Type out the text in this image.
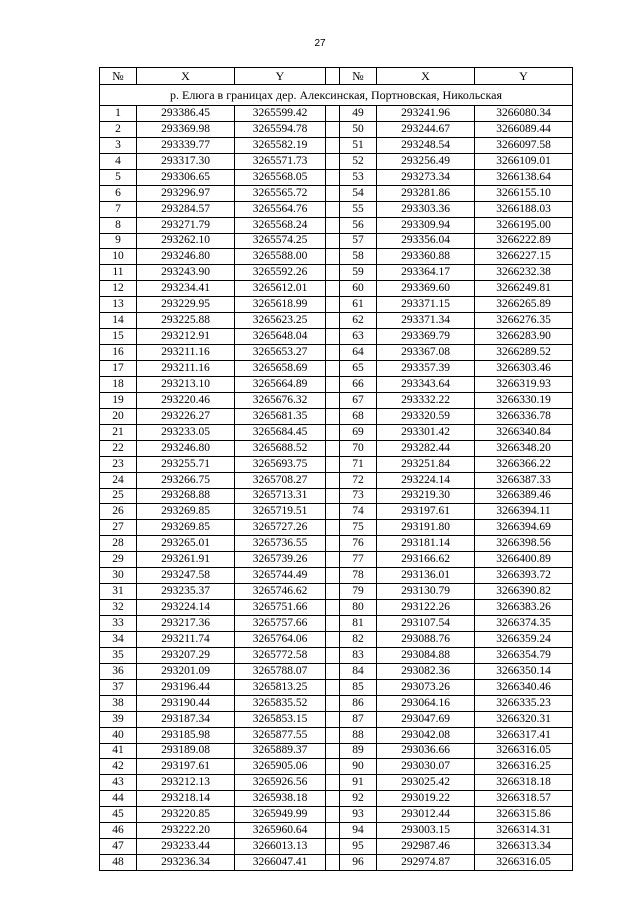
27
№	X	Y		№	X	Y
р. Елюга в границах дер. Алексинская, Портновская, Никольская						
1	293386.45	3265599.42		49	293241.96	3266080.34
2	293369.98	3265594.78		50	293244.67	3266089.44
3	293339.77	3265582.19		51	293248.54	3266097.58
4	293317.30	3265571.73		52	293256.49	3266109.01
5	293306.65	3265568.05		53	293273.34	3266138.64
6	293296.97	3265565.72		54	293281.86	3266155.10
7	293284.57	3265564.76		55	293303.36	3266188.03
8	293271.79	3265568.24		56	293309.94	3266195.00
9	293262.10	3265574.25		57	293356.04	3266222.89
10	293246.80	3265588.00		58	293360.88	3266227.15
11	293243.90	3265592.26		59	293364.17	3266232.38
12	293234.41	3265612.01		60	293369.60	3266249.81
13	293229.95	3265618.99		61	293371.15	3266265.89
14	293225.88	3265623.25		62	293371.34	3266276.35
15	293212.91	3265648.04		63	293369.79	3266283.90
16	293211.16	3265653.27		64	293367.08	3266289.52
17	293211.16	3265658.69		65	293357.39	3266303.46
18	293213.10	3265664.89		66	293343.64	3266319.93
19	293220.46	3265676.32		67	293332.22	3266330.19
20	293226.27	3265681.35		68	293320.59	3266336.78
21	293233.05	3265684.45		69	293301.42	3266340.84
22	293246.80	3265688.52		70	293282.44	3266348.20
23	293255.71	3265693.75		71	293251.84	3266366.22
24	293266.75	3265708.27		72	293224.14	3266387.33
25	293268.88	3265713.31		73	293219.30	3266389.46
26	293269.85	3265719.51		74	293197.61	3266394.11
27	293269.85	3265727.26		75	293191.80	3266394.69
28	293265.01	3265736.55		76	293181.14	3266398.56
29	293261.91	3265739.26		77	293166.62	3266400.89
30	293247.58	3265744.49		78	293136.01	3266393.72
31	293235.37	3265746.62		79	293130.79	3266390.82
32	293224.14	3265751.66		80	293122.26	3266383.26
33	293217.36	3265757.66		81	293107.54	3266374.35
34	293211.74	3265764.06		82	293088.76	3266359.24
35	293207.29	3265772.58		83	293084.88	3266354.79
36	293201.09	3265788.07		84	293082.36	3266350.14
37	293196.44	3265813.25		85	293073.26	3266340.46
38	293190.44	3265835.52		86	293064.16	3266335.23
39	293187.34	3265853.15		87	293047.69	3266320.31
40	293185.98	3265877.55		88	293042.08	3266317.41
41	293189.08	3265889.37		89	293036.66	3266316.05
42	293197.61	3265905.06		90	293030.07	3266316.25
43	293212.13	3265926.56		91	293025.42	3266318.18
44	293218.14	3265938.18		92	293019.22	3266318.57
45	293220.85	3265949.99		93	293012.44	3266315.86
46	293222.20	3265960.64		94	293003.15	3266314.31
47	293233.44	3266013.13		95	292987.46	3266313.34
48	293236.34	3266047.41		96	292974.87	3266316.05
